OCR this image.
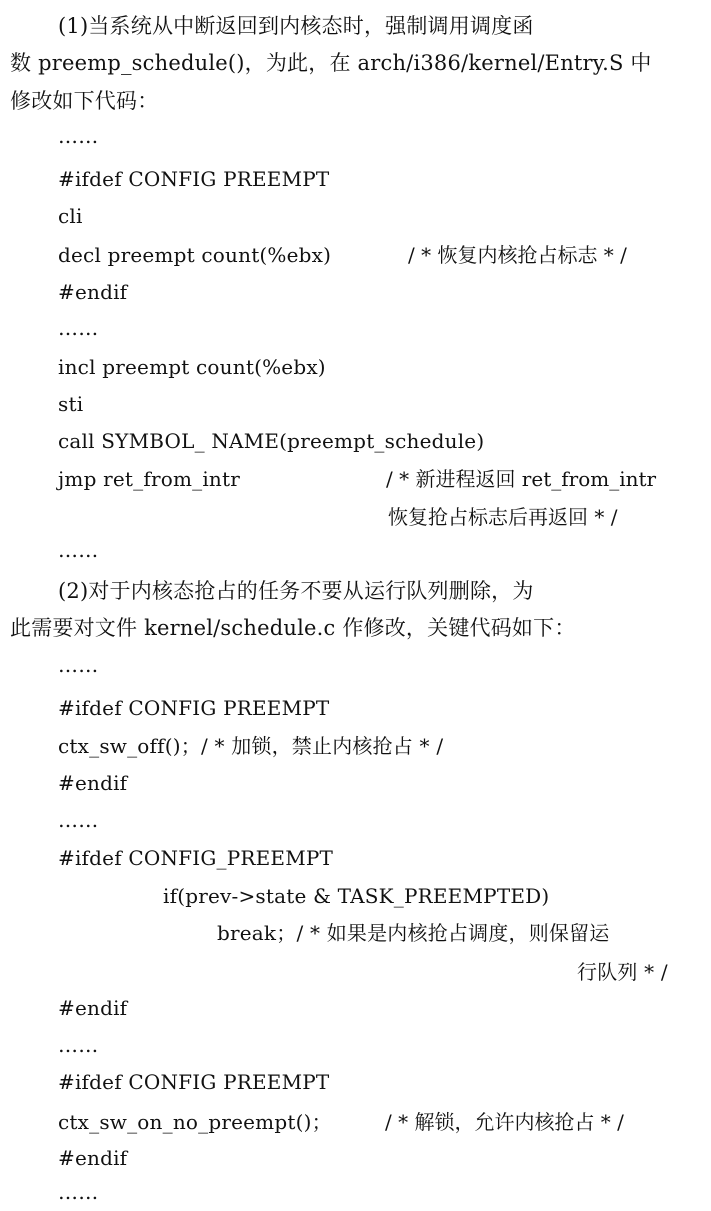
(1)当系统从中断返回到内核态时，强制调用调度函
数 preemp_schedule()，为此，在 arch/i386/kernel/Entry.S 中
修改如下代码：
……
#ifdef CONFIG PREEMPT
cli
decl preempt count(%ebx)	/ * 恢复内核抢占标志 * /
#endif
……
incl preempt count(%ebx)
sti
call SYMBOL_ NAME(preempt_schedule)
jmp ret_from_intr	/ * 新进程返回 ret_from_intr
恢复抢占标志后再返回 * /
……
(2)对于内核态抢占的任务不要从运行队列删除，为
此需要对文件 kernel/schedule.c 作修改，关键代码如下：
……
#ifdef CONFIG PREEMPT
ctx_sw_off()；/ * 加锁，禁止内核抢占 * /
#endif
……
#ifdef CONFIG_PREEMPT
if(prev->state & TASK_PREEMPTED)
break；/ * 如果是内核抢占调度，则保留运
行队列 * /
#endif
……
#ifdef CONFIG PREEMPT
ctx_sw_on_no_preempt()；	/ * 解锁，允许内核抢占 * /
#endif
……
